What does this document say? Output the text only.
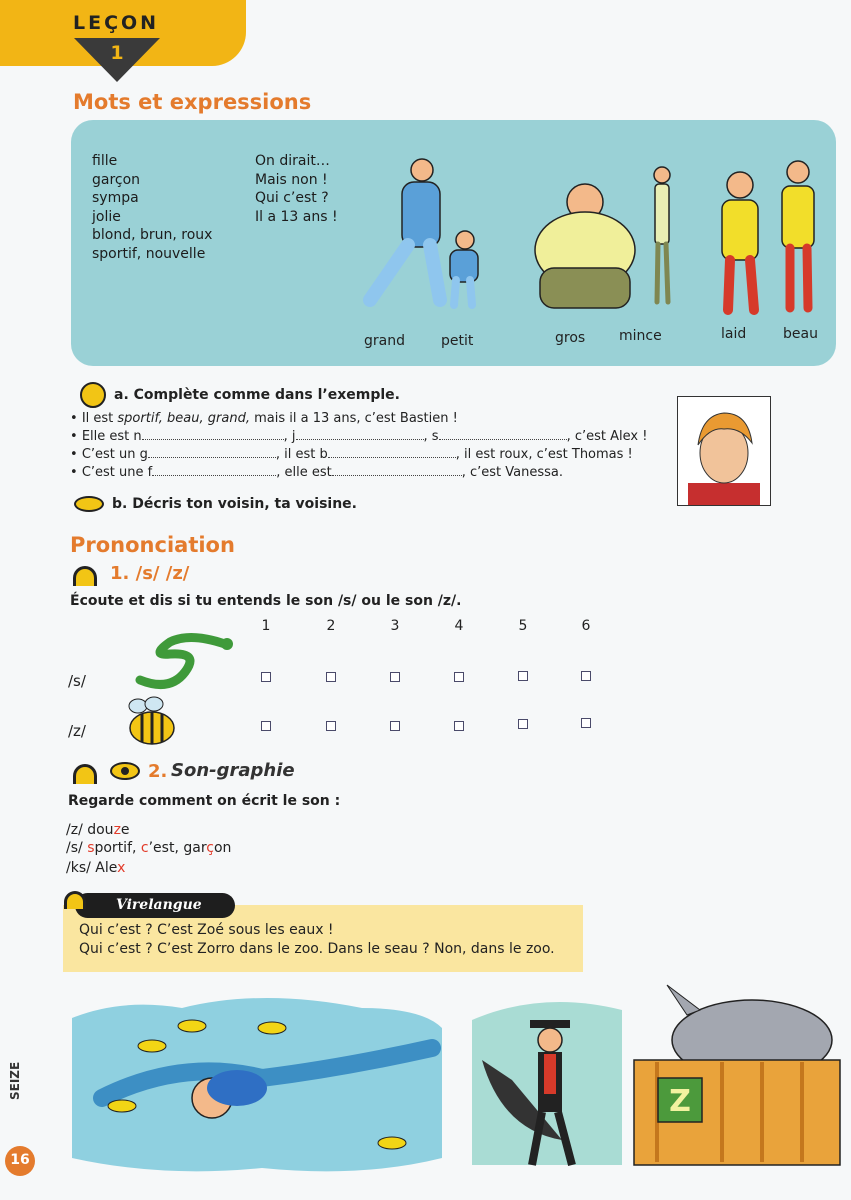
LEÇON
1
Mots et expressions
fille
garçon
sympa
jolie
blond, brun, roux
sportif, nouvelle
On dirait…
Mais non !
Qui c’est ?
Il a 13 ans !
grand	petit	gros mince	laid	beau
a. Complète comme dans l’exemple.
• Il est sportif, beau, grand, mais il a 13 ans, c’est Bastien !
• Elle est n	, j	, s	, c’est Alex !
• C’est un g	, il est b	, il est roux, c’est Thomas !
• C’est une f	, elle est	, c’est Vanessa.
b. Décris ton voisin, ta voisine.
Prononciation
1. /s/ /z/
Écoute et dis si tu entends le son /s/ ou le son /z/.
1	2	3	4	5	6
/s/
/z/
2. Son-graphie
Regarde comment on écrit le son :
/z/ douze
/s/ sportif, c’est, garçon
/ks/ Alex
Virelangue
Qui c’est ? C’est Zoé sous les eaux !
Qui c’est ? C’est Zorro dans le zoo. Dans le seau ? Non, dans le zoo.
Z
SEIZE
16
